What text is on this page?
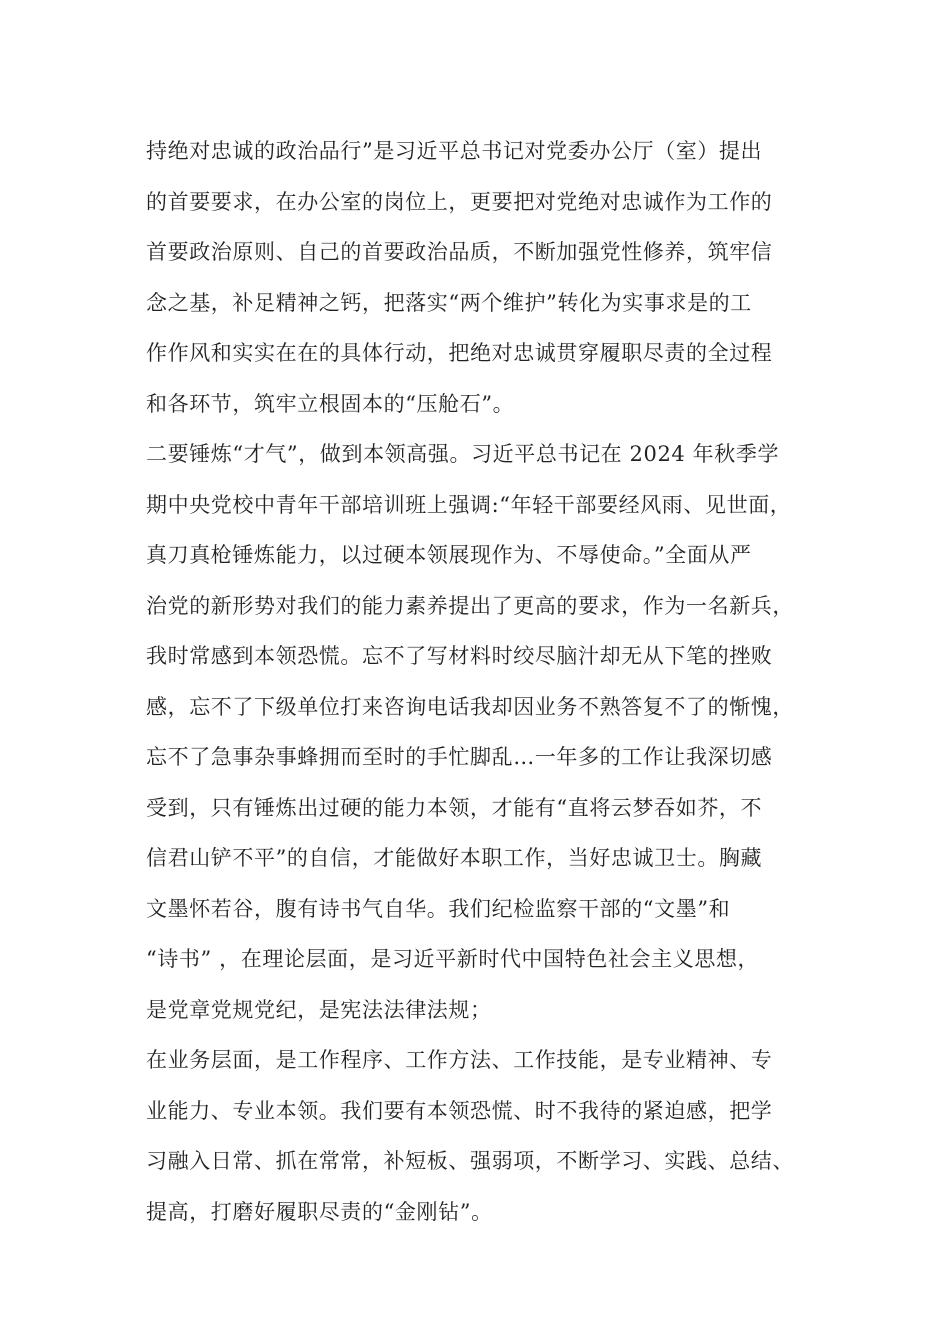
持绝对忠诚的政治品行”是习近平总书记对党委办公厅（室）提出
的首要要求，在办公室的岗位上，更要把对党绝对忠诚作为工作的
首要政治原则、自己的首要政治品质，不断加强党性修养，筑牢信
念之基，补足精神之钙，把落实“两个维护”转化为实事求是的工
作作风和实实在在的具体行动，把绝对忠诚贯穿履职尽责的全过程
和各环节，筑牢立根固本的“压舱石”。
二要锤炼“才气”，做到本领高强。习近平总书记在 2024 年秋季学
期中央党校中青年干部培训班上强调:“年轻干部要经风雨、见世面，
真刀真枪锤炼能力，以过硬本领展现作为、不辱使命。”全面从严
治党的新形势对我们的能力素养提出了更高的要求，作为一名新兵，
我时常感到本领恐慌。忘不了写材料时绞尽脑汁却无从下笔的挫败
感，忘不了下级单位打来咨询电话我却因业务不熟答复不了的惭愧，
忘不了急事杂事蜂拥而至时的手忙脚乱…一年多的工作让我深切感
受到，只有锤炼出过硬的能力本领，才能有“直将云梦吞如芥，不
信君山铲不平”的自信，才能做好本职工作，当好忠诚卫士。胸藏
文墨怀若谷，腹有诗书气自华。我们纪检监察干部的“文墨”和
“诗书” ，在理论层面，是习近平新时代中国特色社会主义思想，
是党章党规党纪，是宪法法律法规；
在业务层面，是工作程序、工作方法、工作技能，是专业精神、专
业能力、专业本领。我们要有本领恐慌、时不我待的紧迫感，把学
习融入日常、抓在常常，补短板、强弱项，不断学习、实践、总结、
提高，打磨好履职尽责的“金刚钻”。
